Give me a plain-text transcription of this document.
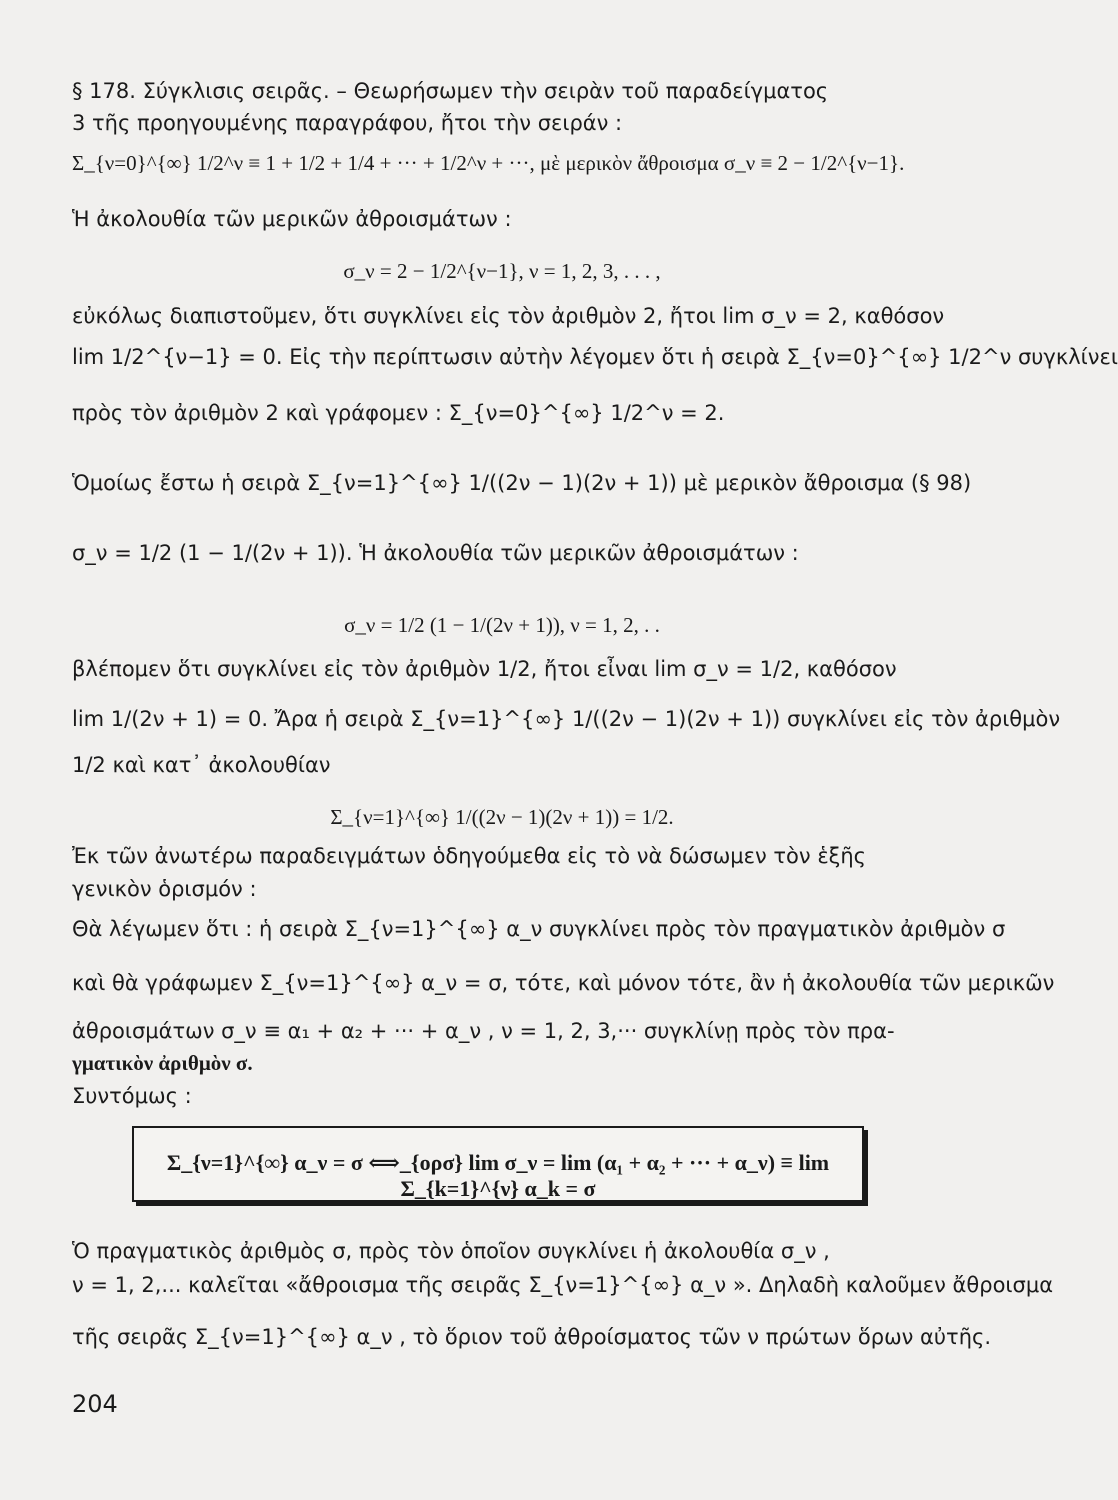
§ 178. Σύγκλισις σειρᾶς. – Θεωρήσωμεν τὴν σειρὰν τοῦ παραδείγματος
3 τῆς προηγουμένης παραγράφου, ἤτοι τὴν σειράν :
Σ_{ν=0}^{∞} 1/2^ν ≡ 1 + 1/2 + 1/4 + ··· + 1/2^ν + ···, μὲ μερικὸν ἄθροισμα σ_ν ≡ 2 − 1/2^{ν−1}.
Ἡ ἀκολουθία τῶν μερικῶν ἀθροισμάτων :
σ_ν = 2 − 1/2^{ν−1}, ν = 1, 2, 3, . . . ,
εὐκόλως διαπιστοῦμεν, ὅτι συγκλίνει εἰς τὸν ἀριθμὸν 2, ἤτοι lim σ_ν = 2, καθόσον
lim 1/2^{ν−1} = 0. Εἰς τὴν περίπτωσιν αὐτὴν λέγομεν ὅτι ἡ σειρὰ Σ_{ν=0}^{∞} 1/2^ν συγκλίνει
πρὸς τὸν ἀριθμὸν 2 καὶ γράφομεν : Σ_{ν=0}^{∞} 1/2^ν = 2.
Ὁμοίως ἔστω ἡ σειρὰ Σ_{ν=1}^{∞} 1/((2ν − 1)(2ν + 1)) μὲ μερικὸν ἄθροισμα (§ 98)
σ_ν = 1/2 (1 − 1/(2ν + 1)). Ἡ ἀκολουθία τῶν μερικῶν ἀθροισμάτων :
σ_ν = 1/2 (1 − 1/(2ν + 1)), ν = 1, 2, . .
βλέπομεν ὅτι συγκλίνει εἰς τὸν ἀριθμὸν 1/2, ἤτοι εἶναι lim σ_ν = 1/2, καθόσον
lim 1/(2ν + 1) = 0. Ἄρα ἡ σειρὰ Σ_{ν=1}^{∞} 1/((2ν − 1)(2ν + 1)) συγκλίνει εἰς τὸν ἀριθμὸν
1/2 καὶ κατ᾽ ἀκολουθίαν
Σ_{ν=1}^{∞} 1/((2ν − 1)(2ν + 1)) = 1/2.
Ἐκ τῶν ἀνωτέρω παραδειγμάτων ὁδηγούμεθα εἰς τὸ νὰ δώσωμεν τὸν ἑξῆς
γενικὸν ὁρισμόν :
Θὰ λέγωμεν ὅτι : ἡ σειρὰ Σ_{ν=1}^{∞} α_ν συγκλίνει πρὸς τὸν πραγματικὸν ἀριθμὸν σ
καὶ θὰ γράφωμεν Σ_{ν=1}^{∞} α_ν = σ, τότε, καὶ μόνον τότε, ἂν ἡ ἀκολουθία τῶν μερικῶν
ἀθροισμάτων σ_ν ≡ α₁ + α₂ + ··· + α_ν , ν = 1, 2, 3,··· συγκλίνῃ πρὸς τὸν πρα-
γματικὸν ἀριθμὸν σ.
Συντόμως :
Σ_{ν=1}^{∞} α_ν = σ ⟺_{ορσ} lim σ_ν = lim (α₁ + α₂ + ··· + α_ν) ≡ lim Σ_{k=1}^{ν} α_k = σ
Ὁ πραγματικὸς ἀριθμὸς σ, πρὸς τὸν ὁποῖον συγκλίνει ἡ ἀκολουθία σ_ν ,
ν = 1, 2,... καλεῖται «ἄθροισμα τῆς σειρᾶς Σ_{ν=1}^{∞} α_ν ». Δηλαδὴ καλοῦμεν ἄθροισμα
τῆς σειρᾶς Σ_{ν=1}^{∞} α_ν , τὸ ὅριον τοῦ ἀθροίσματος τῶν ν πρώτων ὅρων αὐτῆς.
204
